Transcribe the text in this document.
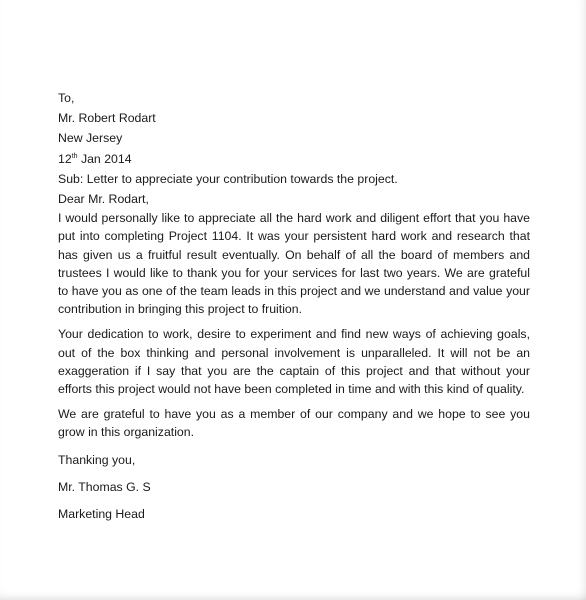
To,
Mr. Robert Rodart
New Jersey
12th Jan 2014
Sub: Letter to appreciate your contribution towards the project.
Dear Mr. Rodart,

I would personally like to appreciate all the hard work and diligent effort that you have put into completing Project 1104. It was your persistent hard work and research that has given us a fruitful result eventually. On behalf of all the board of members and trustees I would like to thank you for your services for last two years. We are grateful to have you as one of the team leads in this project and we understand and value your contribution in bringing this project to fruition.

Your dedication to work, desire to experiment and find new ways of achieving goals, out of the box thinking and personal involvement is unparalleled. It will not be an exaggeration if I say that you are the captain of this project and that without your efforts this project would not have been completed in time and with this kind of quality.

We are grateful to have you as a member of our company and we hope to see you grow in this organization.

Thanking you,
Mr. Thomas G. S
Marketing Head
